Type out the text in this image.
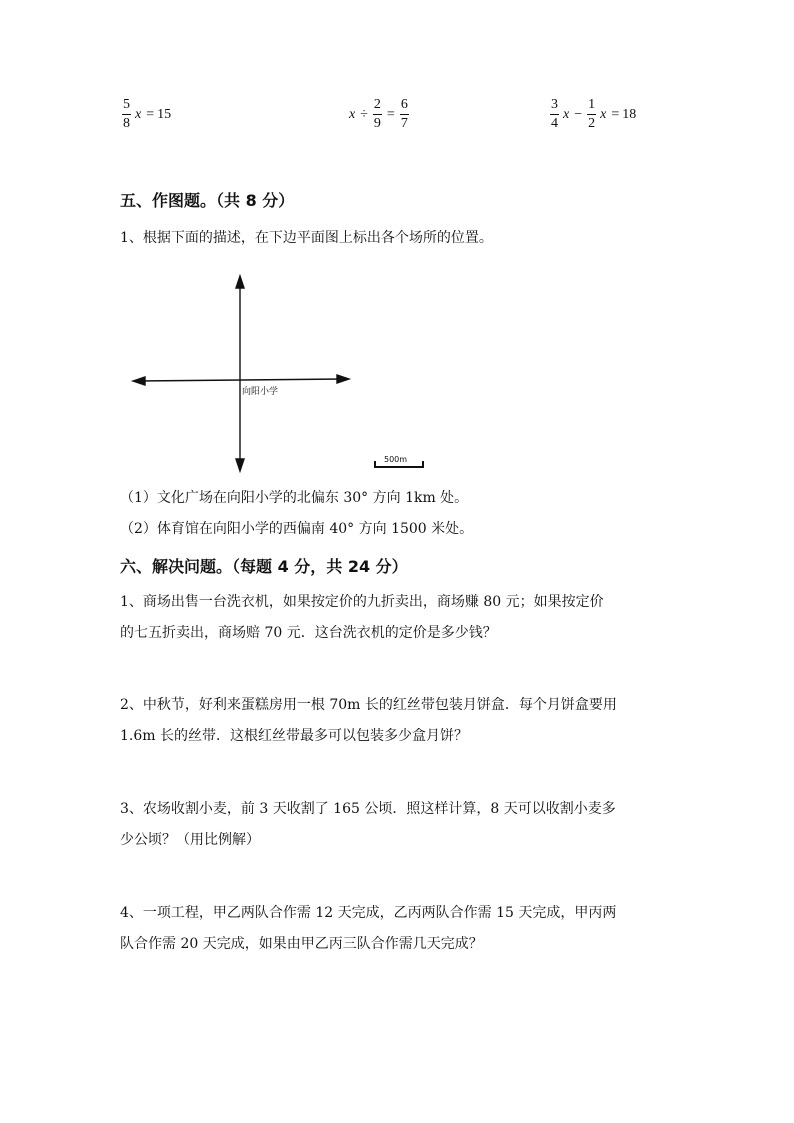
$\frac{5}{8}$ x = 15	$x \div \frac{2}{9} = \frac{6}{7}$	$\frac{3}{4}$ $x - \frac{1}{2}$ x = 18
五、作图题。（共 8 分）
1、根据下面的描述，在下边平面图上标出各个场所的位置。
向阳小学
500m
（1）文化广场在向阳小学的北偏东 30° 方向 1km 处。
（2）体育馆在向阳小学的西偏南 40° 方向 1500 米处。
六、解决问题。（每题 4 分，共 24 分）
1、商场出售一台洗衣机，如果按定价的九折卖出，商场赚 80 元；如果按定价
的七五折卖出，商场赔 70 元．这台洗衣机的定价是多少钱？
2、中秋节，好利来蛋糕房用一根 70m 长的红丝带包装月饼盒．每个月饼盒要用
1.6m 长的丝带．这根红丝带最多可以包装多少盒月饼？
3、农场收割小麦，前 3 天收割了 165 公顷．照这样计算，8 天可以收割小麦多
少公顷？（用比例解）
4、一项工程，甲乙两队合作需 12 天完成，乙丙两队合作需 15 天完成，甲丙两
队合作需 20 天完成，如果由甲乙丙三队合作需几天完成？
